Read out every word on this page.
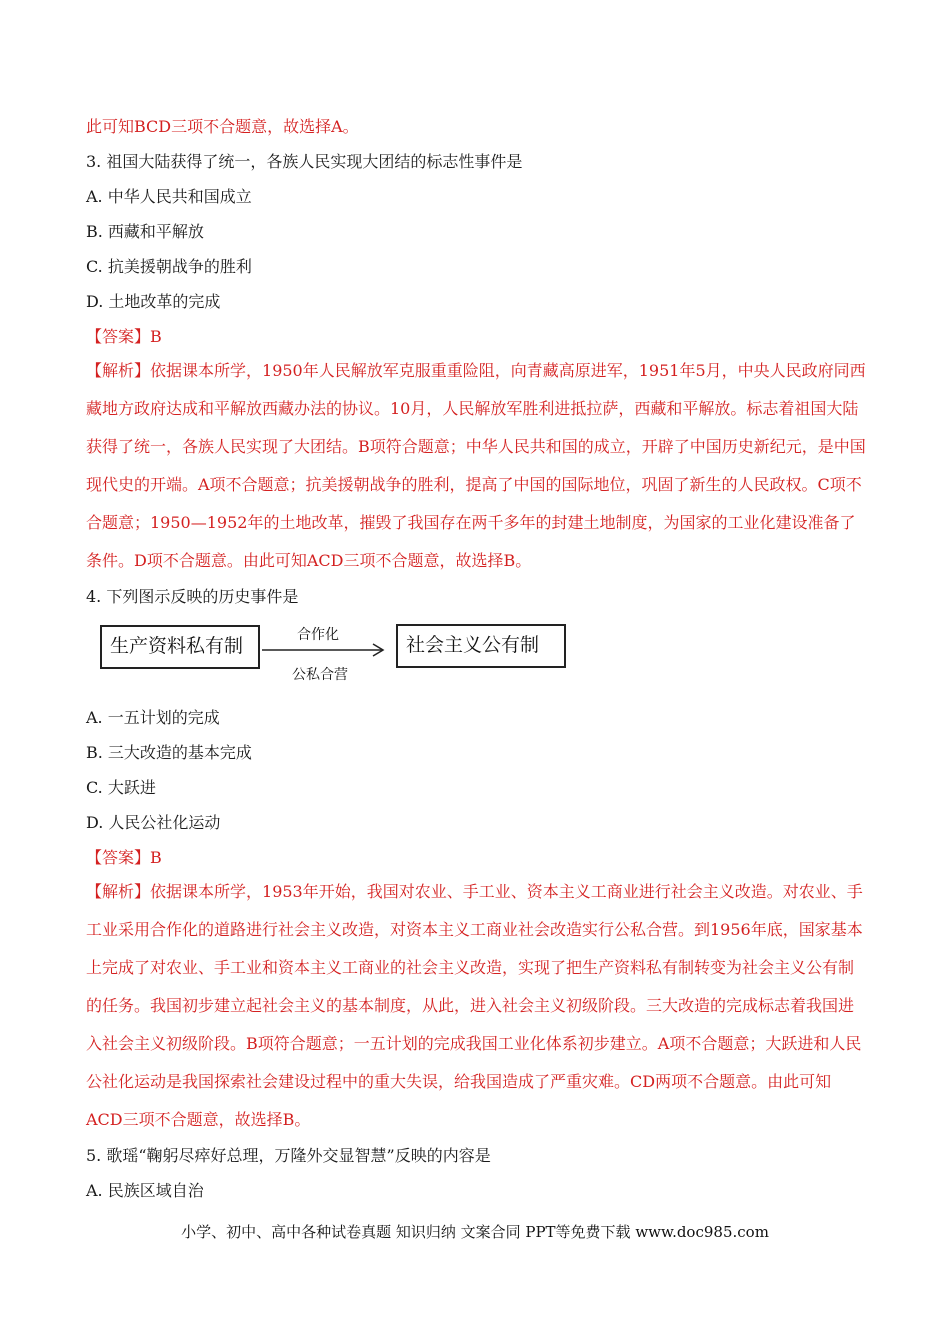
此可知BCD三项不合题意，故选择A。
3. 祖国大陆获得了统一，各族人民实现大团结的标志性事件是
A. 中华人民共和国成立
B. 西藏和平解放
C. 抗美援朝战争的胜利
D. 土地改革的完成
【答案】B
【解析】依据课本所学，1950年人民解放军克服重重险阻，向青藏高原进军，1951年5月，中央人民政府同西藏地方政府达成和平解放西藏办法的协议。10月，人民解放军胜利进抵拉萨，西藏和平解放。标志着祖国大陆获得了统一，各族人民实现了大团结。B项符合题意；中华人民共和国的成立，开辟了中国历史新纪元，是中国现代史的开端。A项不合题意；抗美援朝战争的胜利，提高了中国的国际地位，巩固了新生的人民政权。C项不合题意；1950—1952年的土地改革，摧毁了我国存在两千多年的封建土地制度，为国家的工业化建设准备了条件。D项不合题意。由此可知ACD三项不合题意，故选择B。
4. 下列图示反映的历史事件是
生产资料私有制	社会主义公有制
合作化
公私合营
A. 一五计划的完成
B. 三大改造的基本完成
C. 大跃进
D. 人民公社化运动
【答案】B
【解析】依据课本所学，1953年开始，我国对农业、手工业、资本主义工商业进行社会主义改造。对农业、手工业采用合作化的道路进行社会主义改造，对资本主义工商业社会改造实行公私合营。到1956年底，国家基本上完成了对农业、手工业和资本主义工商业的社会主义改造，实现了把生产资料私有制转变为社会主义公有制的任务。我国初步建立起社会主义的基本制度，从此，进入社会主义初级阶段。三大改造的完成标志着我国进入社会主义初级阶段。B项符合题意；一五计划的完成我国工业化体系初步建立。A项不合题意；大跃进和人民公社化运动是我国探索社会建设过程中的重大失误，给我国造成了严重灾难。CD两项不合题意。由此可知ACD三项不合题意，故选择B。
5. 歌瑶“鞠躬尽瘁好总理，万隆外交显智慧”反映的内容是
A. 民族区域自治
小学、初中、高中各种试卷真题 知识归纳 文案合同 PPT等免费下载 www.doc985.com
